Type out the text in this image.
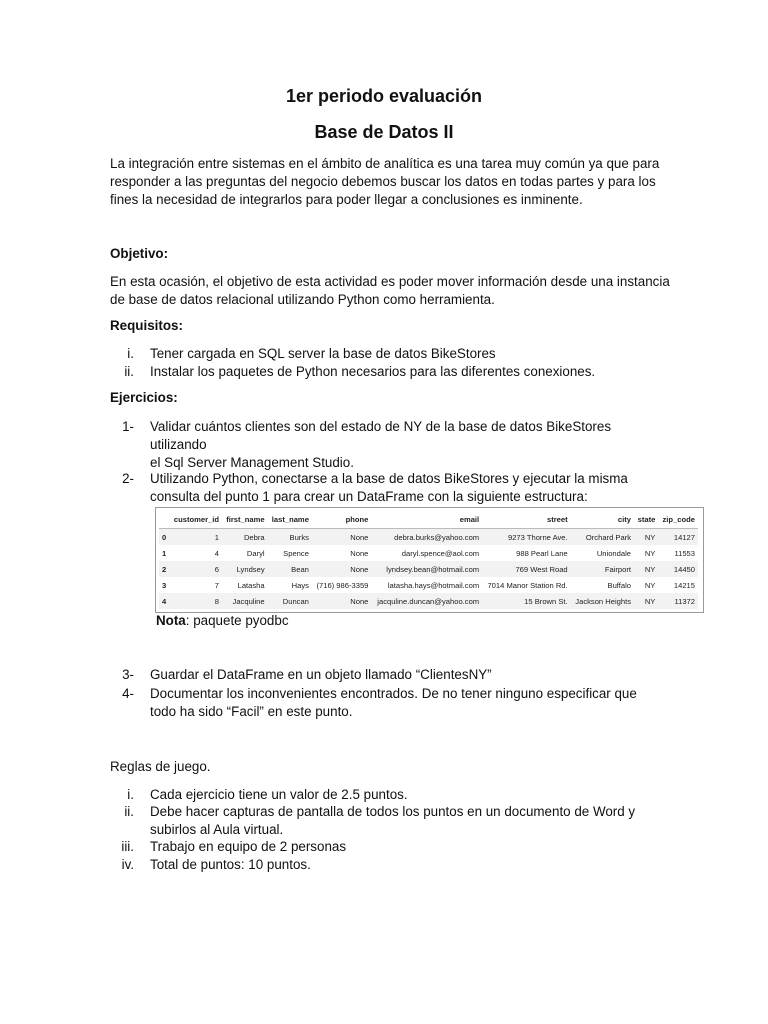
1er periodo evaluación
Base de Datos II

La integración entre sistemas en el ámbito de analítica es una tarea muy común ya que para
responder a las preguntas del negocio debemos buscar los datos en todas partes y para los
fines la necesidad de integrarlos para poder llegar a conclusiones es inminente.

Objetivo:

En esta ocasión, el objetivo de esta actividad es poder mover información desde una instancia
de base de datos relacional utilizando Python como herramienta.

Requisitos:

i. Tener cargada en SQL server la base de datos BikeStores
ii. Instalar los paquetes de Python necesarios para las diferentes conexiones.

Ejercicios:

1- Validar cuántos clientes son del estado de NY de la base de datos BikeStores utilizando
el Sql Server Management Studio.
2- Utilizando Python, conectarse a la base de datos BikeStores y ejecutar la misma
consulta del punto 1 para crear un DataFrame con la siguiente estructura:
	customer_id	first_name	last_name	phone	email	street	city	state	zip_code
0	1	Debra	Burks	None	debra.burks@yahoo.com	9273 Thorne Ave.	Orchard Park	NY	14127
1	4	Daryl	Spence	None	daryl.spence@aol.com	988 Pearl Lane	Uniondale	NY	11553
2	6	Lyndsey	Bean	None	lyndsey.bean@hotmail.com	769 West Road	Fairport	NY	14450
3	7	Latasha	Hays	(716) 986-3359	latasha.hays@hotmail.com	7014 Manor Station Rd.	Buffalo	NY	14215
4	8	Jacquline	Duncan	None	jacquline.duncan@yahoo.com	15 Brown St.	Jackson Heights	NY	11372
Nota: paquete pyodbc
3- Guardar el DataFrame en un objeto llamado “ClientesNY”
4- Documentar los inconvenientes encontrados. De no tener ninguno especificar que
todo ha sido “Facil” en este punto.

Reglas de juego.

i. Cada ejercicio tiene un valor de 2.5 puntos.
ii. Debe hacer capturas de pantalla de todos los puntos en un documento de Word y
subirlos al Aula virtual.
iii. Trabajo en equipo de 2 personas
iv. Total de puntos: 10 puntos.
